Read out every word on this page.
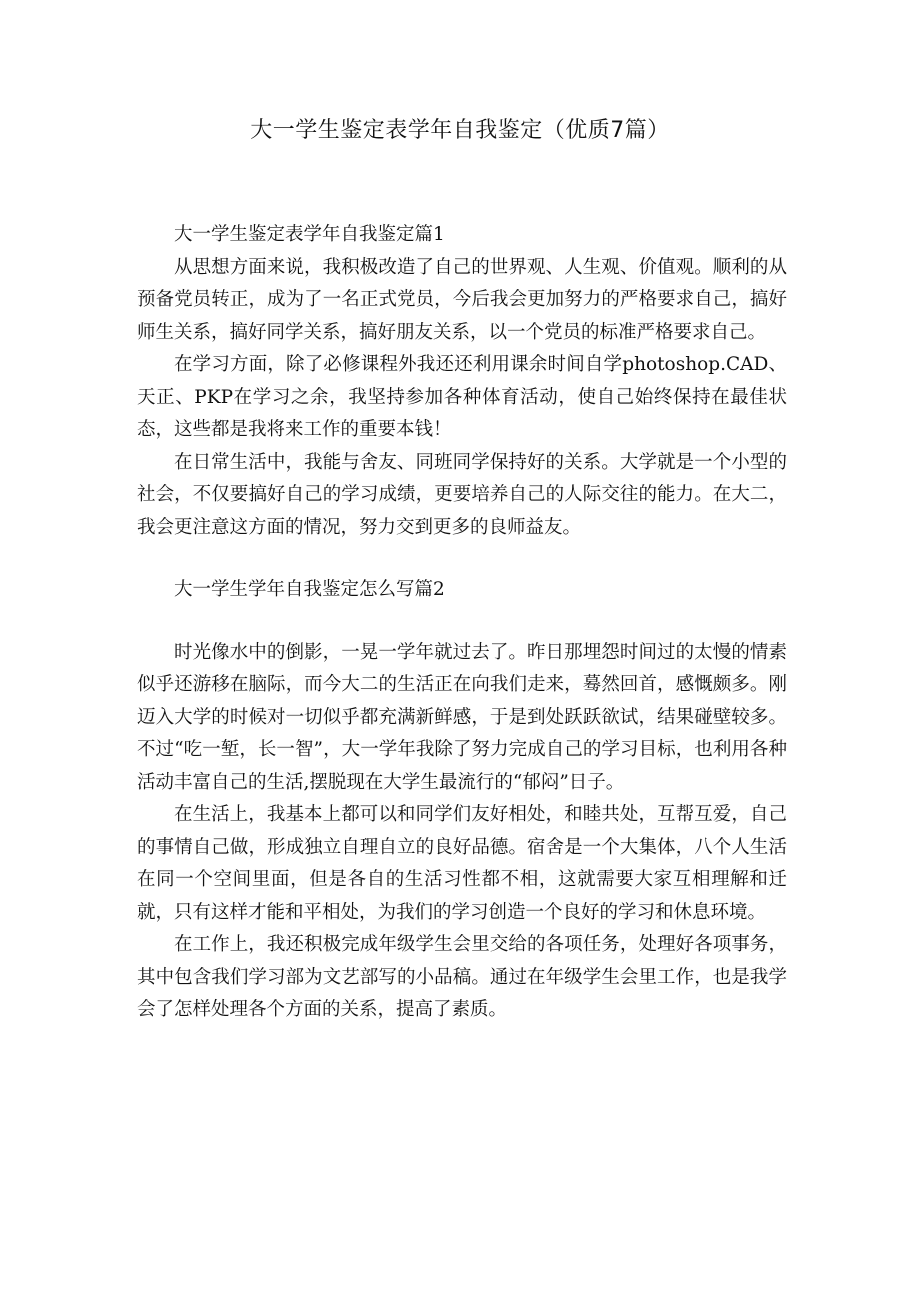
大一学生鉴定表学年自我鉴定（优质7篇）

大一学生鉴定表学年自我鉴定篇1

从思想方面来说，我积极改造了自己的世界观、人生观、价值观。顺利的从预备党员转正，成为了一名正式党员，今后我会更加努力的严格要求自己，搞好师生关系，搞好同学关系，搞好朋友关系，以一个党员的标准严格要求自己。

在学习方面，除了必修课程外我还还利用课余时间自学photoshop.CAD、天正、PKP在学习之余，我坚持参加各种体育活动，使自己始终保持在最佳状态，这些都是我将来工作的重要本钱！

在日常生活中，我能与舍友、同班同学保持好的关系。大学就是一个小型的社会，不仅要搞好自己的学习成绩，更要培养自己的人际交往的能力。在大二，我会更注意这方面的情况，努力交到更多的良师益友。

大一学生学年自我鉴定怎么写篇2

时光像水中的倒影，一晃一学年就过去了。昨日那埋怨时间过的太慢的情素似乎还游移在脑际，而今大二的生活正在向我们走来，蓦然回首，感慨颇多。刚迈入大学的时候对一切似乎都充满新鲜感，于是到处跃跃欲试，结果碰壁较多。不过“吃一堑，长一智”，大一学年我除了努力完成自己的学习目标，也利用各种活动丰富自己的生活,摆脱现在大学生最流行的“郁闷”日子。

在生活上，我基本上都可以和同学们友好相处，和睦共处，互帮互爱，自己的事情自己做，形成独立自理自立的良好品德。宿舍是一个大集体，八个人生活在同一个空间里面，但是各自的生活习性都不相，这就需要大家互相理解和迁就，只有这样才能和平相处，为我们的学习创造一个良好的学习和休息环境。

在工作上，我还积极完成年级学生会里交给的各项任务，处理好各项事务，其中包含我们学习部为文艺部写的小品稿。通过在年级学生会里工作，也是我学会了怎样处理各个方面的关系，提高了素质。
